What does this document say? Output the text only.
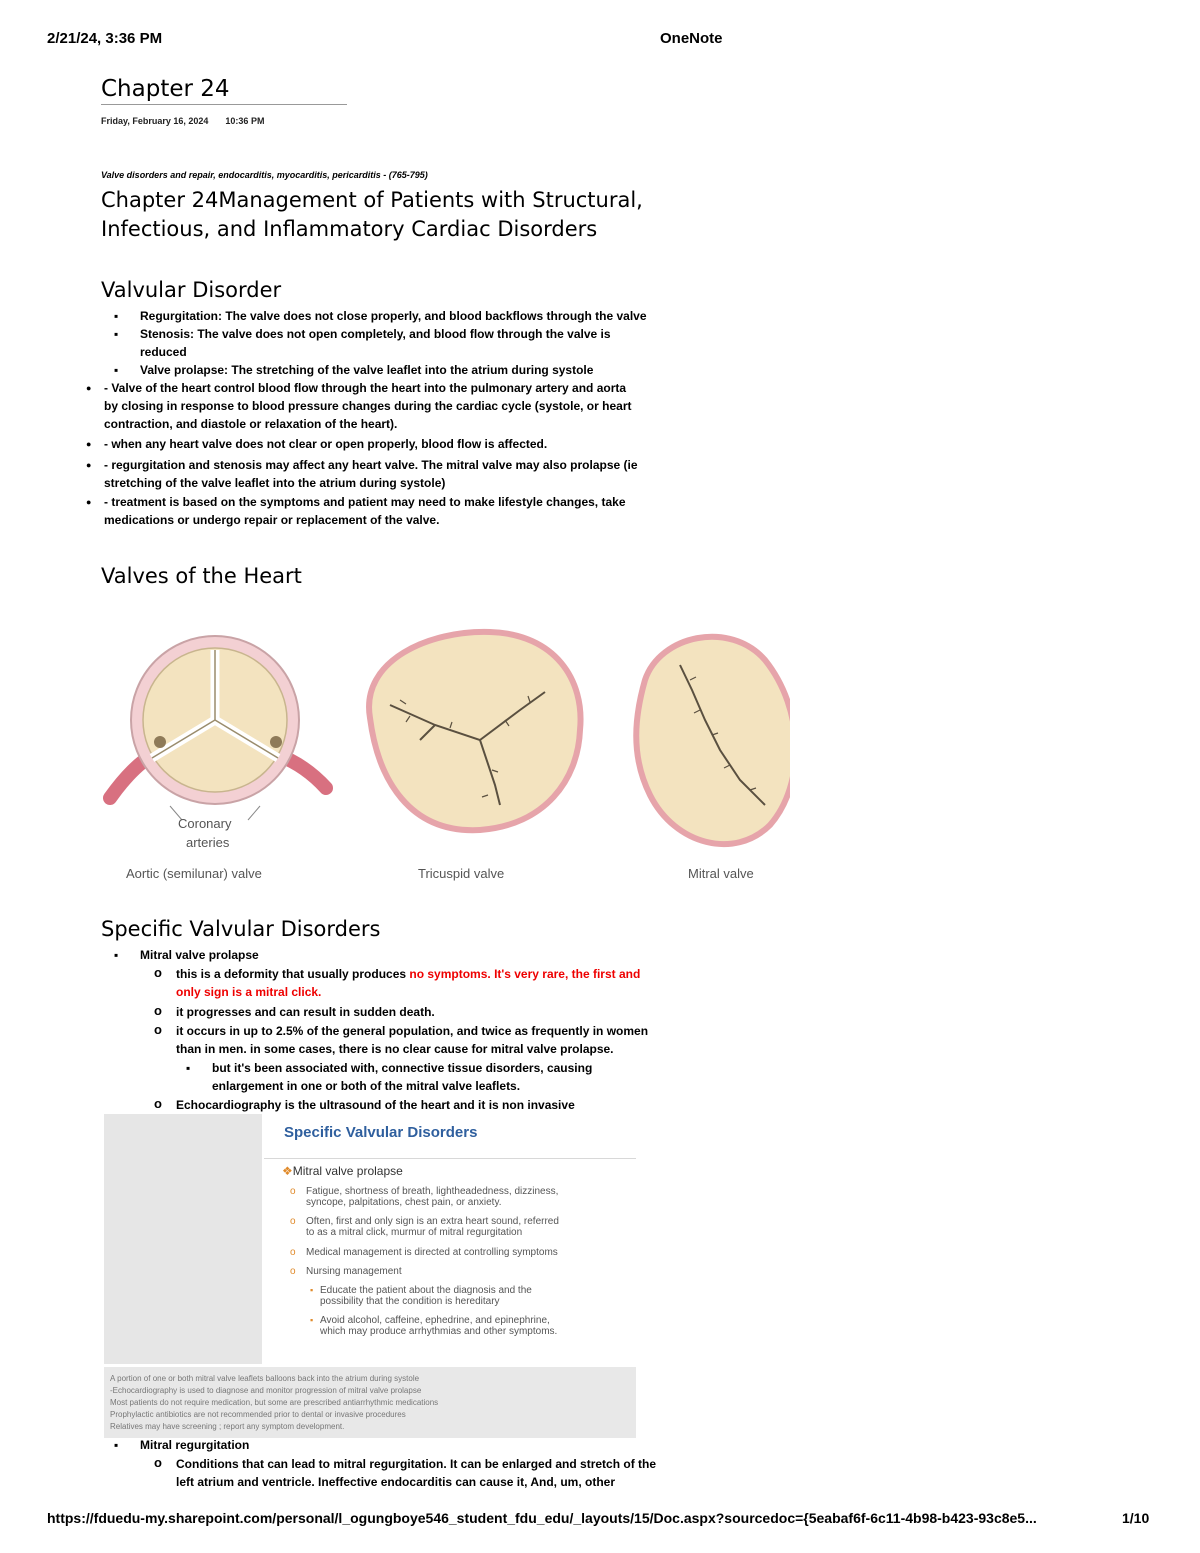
2/21/24, 3:36 PM	OneNote
Chapter 24
Friday, February 16, 2024 10:36 PM
Valve disorders and repair, endocarditis, myocarditis, pericarditis - (765-795)
Chapter 24Management of Patients with Structural,
Infectious, and Inflammatory Cardiac Disorders
Valvular Disorder
▪ Regurgitation: The valve does not close properly, and blood backflows through the valve
▪ Stenosis: The valve does not open completely, and blood flow through the valve is
reduced
▪ Valve prolapse: The stretching of the valve leaflet into the atrium during systole
● - Valve of the heart control blood flow through the heart into the pulmonary artery and aorta
by closing in response to blood pressure changes during the cardiac cycle (systole, or heart
contraction, and diastole or relaxation of the heart).
● - when any heart valve does not clear or open properly, blood flow is affected.
● - regurgitation and stenosis may affect any heart valve. The mitral valve may also prolapse (ie
stretching of the valve leaflet into the atrium during systole)
● - treatment is based on the symptoms and patient may need to make lifestyle changes, take
medications or undergo repair or replacement of the valve.
Valves of the Heart
Coronary
arteries
Aortic (semilunar) valve	Tricuspid valve	Mitral valve
Specific Valvular Disorders
▪ Mitral valve prolapse
o this is a deformity that usually produces no symptoms. It's very rare, the first and
only sign is a mitral click.
o it progresses and can result in sudden death.
o it occurs in up to 2.5% of the general population, and twice as frequently in women
than in men. in some cases, there is no clear cause for mitral valve prolapse.
▪ but it's been associated with, connective tissue disorders, causing
enlargement in one or both of the mitral valve leaflets.
o Echocardiography is the ultrasound of the heart and it is non invasive
Specific Valvular Disorders
❖Mitral valve prolapse
o Fatigue, shortness of breath, lightheadedness, dizziness,
syncope, palpitations, chest pain, or anxiety.
o Often, first and only sign is an extra heart sound, referred
to as a mitral click, murmur of mitral regurgitation
o Medical management is directed at controlling symptoms
o Nursing management
▪ Educate the patient about the diagnosis and the
possibility that the condition is hereditary
▪ Avoid alcohol, caffeine, ephedrine, and epinephrine,
which may produce arrhythmias and other symptoms.
A portion of one or both mitral valve leaflets balloons back into the atrium during systole
-Echocardiography is used to diagnose and monitor progression of mitral valve prolapse
Most patients do not require medication, but some are prescribed antiarrhythmic medications
Prophylactic antibiotics are not recommended prior to dental or invasive procedures
Relatives may have screening ; report any symptom development.
▪ Mitral regurgitation
o Conditions that can lead to mitral regurgitation. It can be enlarged and stretch of the
left atrium and ventricle. Ineffective endocarditis can cause it, And, um, other
https://fduedu-my.sharepoint.com/personal/l_ogungboye546_student_fdu_edu/_layouts/15/Doc.aspx?sourcedoc={5eabaf6f-6c11-4b98-b423-93c8e5...	1/10
